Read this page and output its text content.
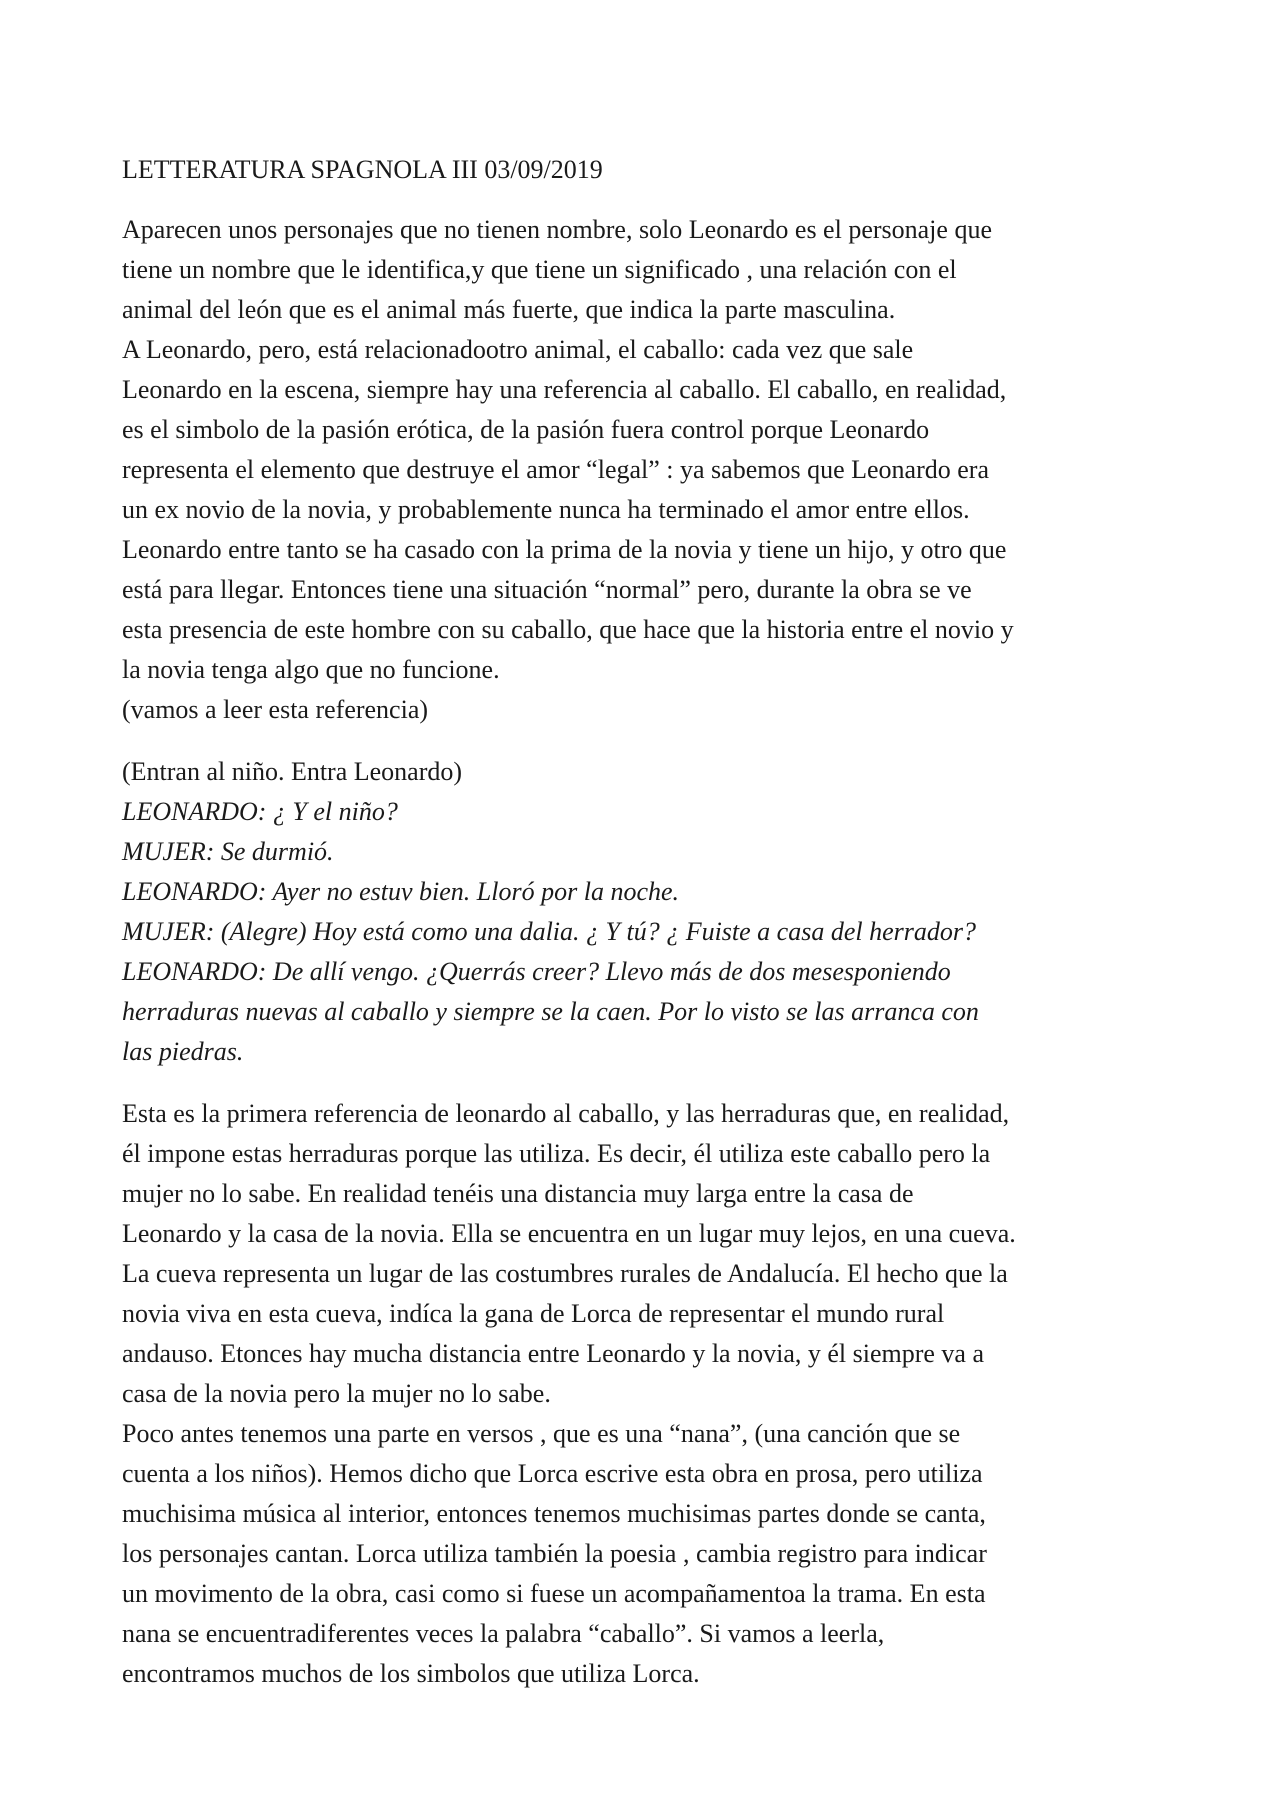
LETTERATURA SPAGNOLA III 03/09/2019

Aparecen unos personajes que no tienen nombre, solo Leonardo es el personaje que

tiene un nombre que le identifica,y que tiene un significado , una relación con el

animal del león que es el animal más fuerte, que indica la parte masculina.

A Leonardo, pero, está relacionadootro animal, el caballo: cada vez que sale

Leonardo en la escena, siempre hay una referencia al caballo. El caballo, en realidad,

es el simbolo de la pasión erótica, de la pasión fuera control porque Leonardo

representa el elemento que destruye el amor “legal” : ya sabemos que Leonardo era

un ex novio de la novia, y probablemente nunca ha terminado el amor entre ellos.

Leonardo entre tanto se ha casado con la prima de la novia y tiene un hijo, y otro que

está para llegar. Entonces tiene una situación “normal” pero, durante la obra se ve

esta presencia de este hombre con su caballo, que hace que la historia entre el novio y

la novia tenga algo que no funcione.

(vamos a leer esta referencia)

(Entran al niño. Entra Leonardo)

LEONARDO: ¿ Y el niño?

MUJER: Se durmió.

LEONARDO: Ayer no estuv bien. Lloró por la noche.

MUJER: (Alegre) Hoy está como una dalia. ¿ Y tú? ¿ Fuiste a casa del herrador?

LEONARDO: De allí vengo. ¿Querrás creer? Llevo más de dos mesesponiendo

herraduras nuevas al caballo y siempre se la caen. Por lo visto se las arranca con

las piedras.

Esta es la primera referencia de leonardo al caballo, y las herraduras que, en realidad,

él impone estas herraduras porque las utiliza. Es decir, él utiliza este caballo pero la

mujer no lo sabe. En realidad tenéis una distancia muy larga entre la casa de

Leonardo y la casa de la novia. Ella se encuentra en un lugar muy lejos, en una cueva.

La cueva representa un lugar de las costumbres rurales de Andalucía. El hecho que la

novia viva en esta cueva, indíca la gana de Lorca de representar el mundo rural

andauso. Etonces hay mucha distancia entre Leonardo y la novia, y él siempre va a

casa de la novia pero la mujer no lo sabe.

Poco antes tenemos una parte en versos , que es una “nana”, (una canción que se

cuenta a los niños). Hemos dicho que Lorca escrive esta obra en prosa, pero utiliza

muchisima música al interior, entonces tenemos muchisimas partes donde se canta,

los personajes cantan. Lorca utiliza también la poesia , cambia registro para indicar

un movimento de la obra, casi como si fuese un acompañamentoa la trama. En esta

nana se encuentradiferentes veces la palabra “caballo”. Si vamos a leerla,

encontramos muchos de los simbolos que utiliza Lorca.
